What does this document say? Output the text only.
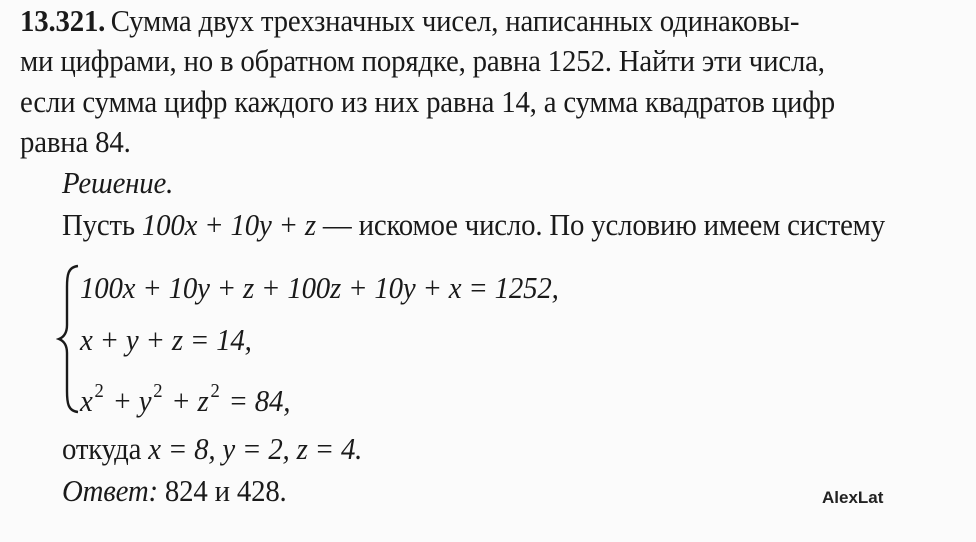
13.321. Сумма двух трехзначных чисел, написанных одинаковы-
ми цифрами, но в обратном порядке, равна 1252. Найти эти числа,
если сумма цифр каждого из них равна 14, а сумма квадратов цифр
равна 84.
Решение.
Пусть 100x + 10y + z — искомое число. По условию имеем систему
100x + 10y + z + 100z + 10y + x = 1252,
x + y + z = 14,
$x^2 + y^2 + z^2 = 84$,
откуда x = 8, y = 2, z = 4.
Ответ: 824 и 428.	AlexLat
